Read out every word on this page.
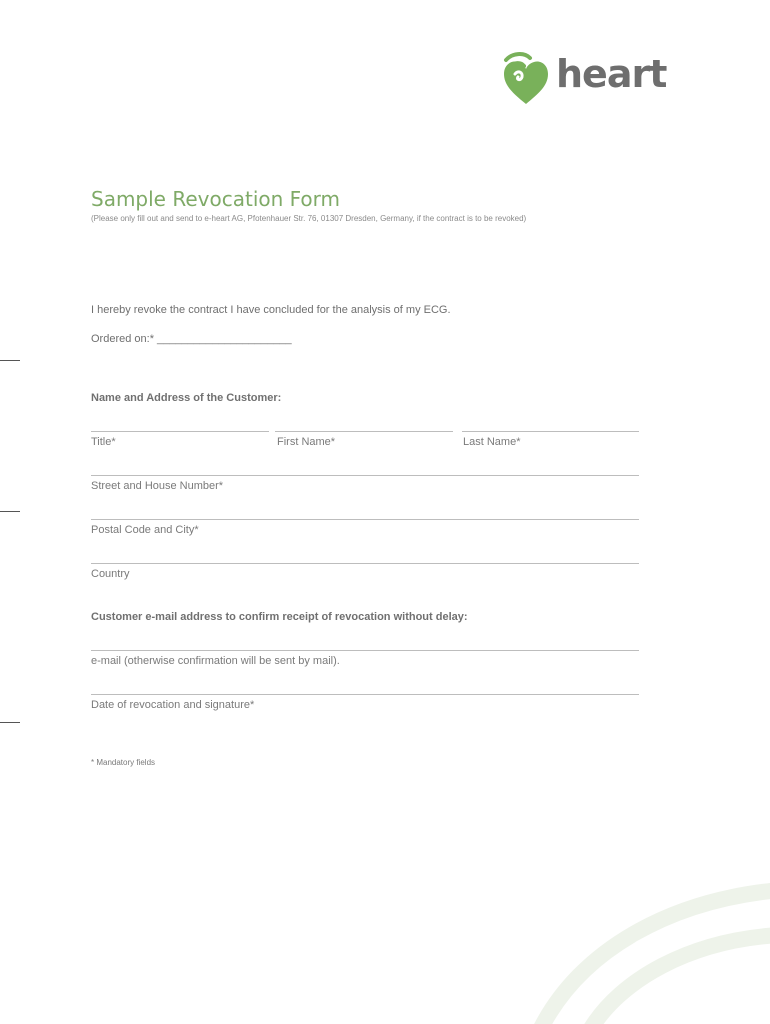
heart
Sample Revocation Form
(Please only fill out and send to e-heart AG, Pfotenhauer Str. 76, 01307 Dresden, Germany, if the contract is to be revoked)
I hereby revoke the contract I have concluded for the analysis of my ECG.
Ordered on:* ______________________
Name and Address of the Customer:
Title*	First Name*	Last Name*
Street and House Number*
Postal Code and City*
Country
Customer e-mail address to confirm receipt of revocation without delay:
e-mail (otherwise confirmation will be sent by mail).
Date of revocation and signature*
* Mandatory fields
